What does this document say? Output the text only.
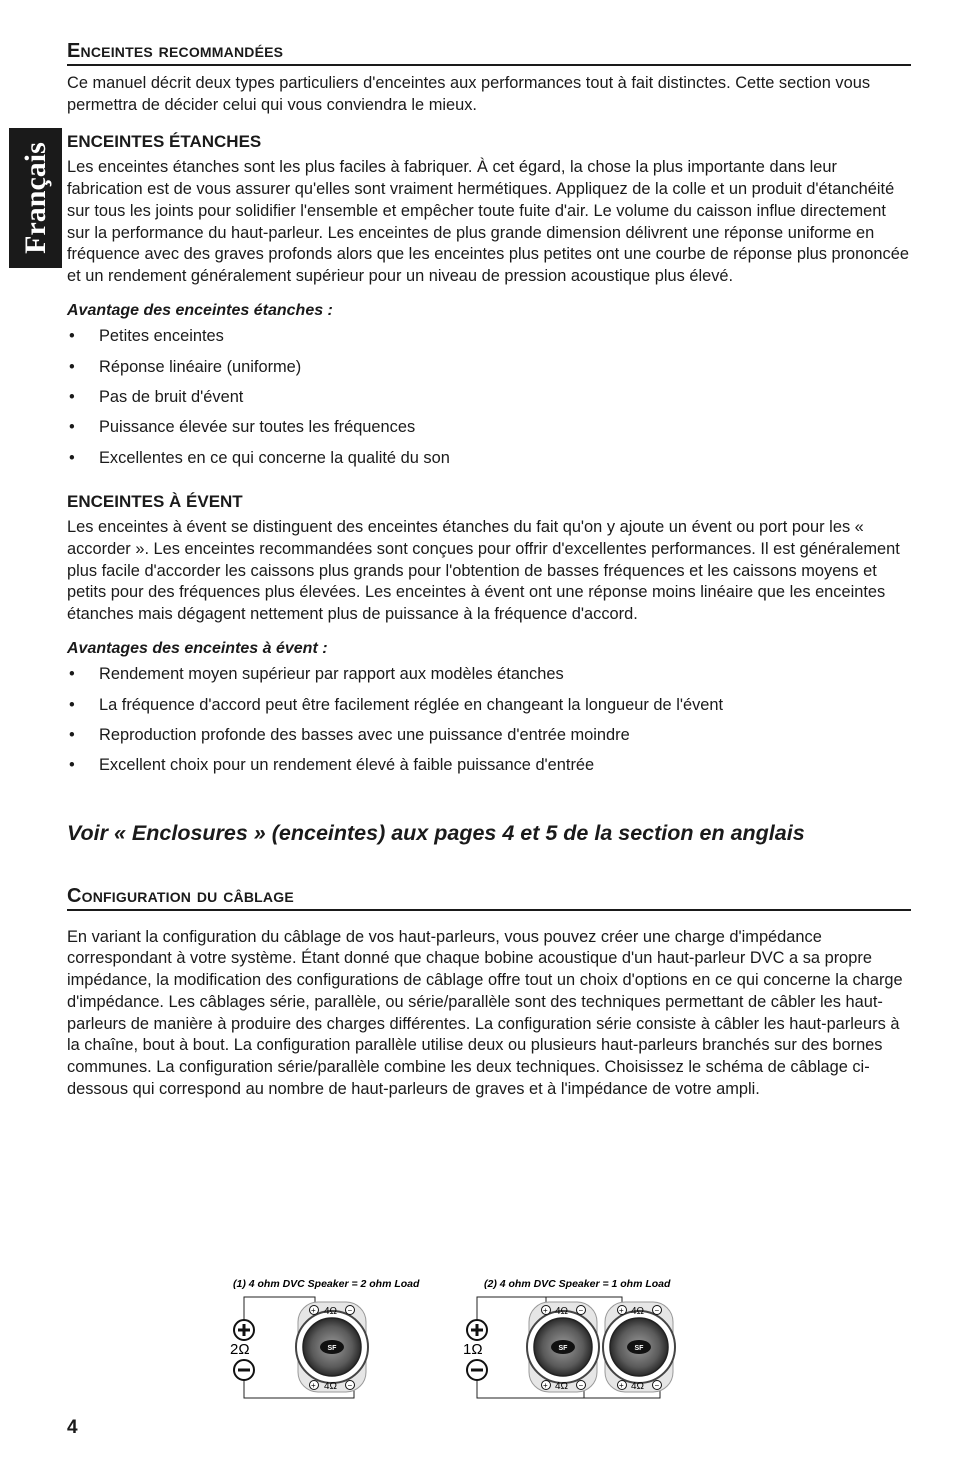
Français
Enceintes recommandées

Ce manuel décrit deux types particuliers d'enceintes aux performances tout à fait distinctes. Cette section vous permettra de décider celui qui vous conviendra le mieux.

ENCEINTES ÉTANCHES

Les enceintes étanches sont les plus faciles à fabriquer. À cet égard, la chose la plus importante dans leur fabrication est de vous assurer qu'elles sont vraiment hermétiques. Appliquez de la colle et un produit d'étanchéité sur tous les joints pour solidifier l'ensemble et empêcher toute fuite d'air. Le volume du caisson influe directement sur la performance du haut-parleur. Les enceintes de plus grande dimension délivrent une réponse uniforme en fréquence avec des graves profonds alors que les enceintes plus petites ont une courbe de réponse plus prononcée et un rendement généralement supérieur pour un niveau de pression acoustique plus élevé.

Avantage des enceintes étanches :

• Petites enceintes
• Réponse linéaire (uniforme)
• Pas de bruit d'évent
• Puissance élevée sur toutes les fréquences
• Excellentes en ce qui concerne la qualité du son
ENCEINTES À ÉVENT

Les enceintes à évent se distinguent des enceintes étanches du fait qu'on y ajoute un évent ou port pour les « accorder ». Les enceintes recommandées sont conçues pour offrir d'excellentes performances. Il est généralement plus facile d'accorder les caissons plus grands pour l'obtention de basses fréquences et les caissons moyens et petits pour des fréquences plus élevées. Les enceintes à évent ont une réponse moins linéaire que les enceintes étanches mais dégagent nettement plus de puissance à la fréquence d'accord.

Avantages des enceintes à évent :

• Rendement moyen supérieur par rapport aux modèles étanches
• La fréquence d'accord peut être facilement réglée en changeant la longueur de l'évent
• Reproduction profonde des basses avec une puissance d'entrée moindre
• Excellent choix pour un rendement élevé à faible puissance d'entrée

Voir « Enclosures » (enceintes) aux pages 4 et 5 de la section en anglais

Configuration du câblage

En variant la configuration du câblage de vos haut-parleurs, vous pouvez créer une charge d'impédance correspondant à votre système. Étant donné que chaque bobine acoustique d'un haut-parleur DVC a sa propre impédance, la modification des configurations de câblage offre tout un choix d'options en ce qui concerne la charge d'impédance. Les câblages série, parallèle, ou série/parallèle sont des techniques permettant de câbler les haut-parleurs de manière à produire des charges différentes. La configuration série consiste à câbler les haut-parleurs à la chaîne, bout à bout. La configuration parallèle utilise deux ou plusieurs haut-parleurs branchés sur des bornes communes. La configuration série/parallèle combine les deux techniques. Choisissez le schéma de câblage ci-dessous qui correspond au nombre de haut-parleurs de graves et à l'impédance de votre ampli.

(1) 4 ohm DVC Speaker = 2 ohm Load	(2) 4 ohm DVC Speaker = 1 ohm Load
2Ω	SF
+ 4Ω −
+ 4Ω −
1Ω	SF	SF
+ 4Ω −	+ 4Ω −
+ 4Ω −	+ 4Ω −
4
